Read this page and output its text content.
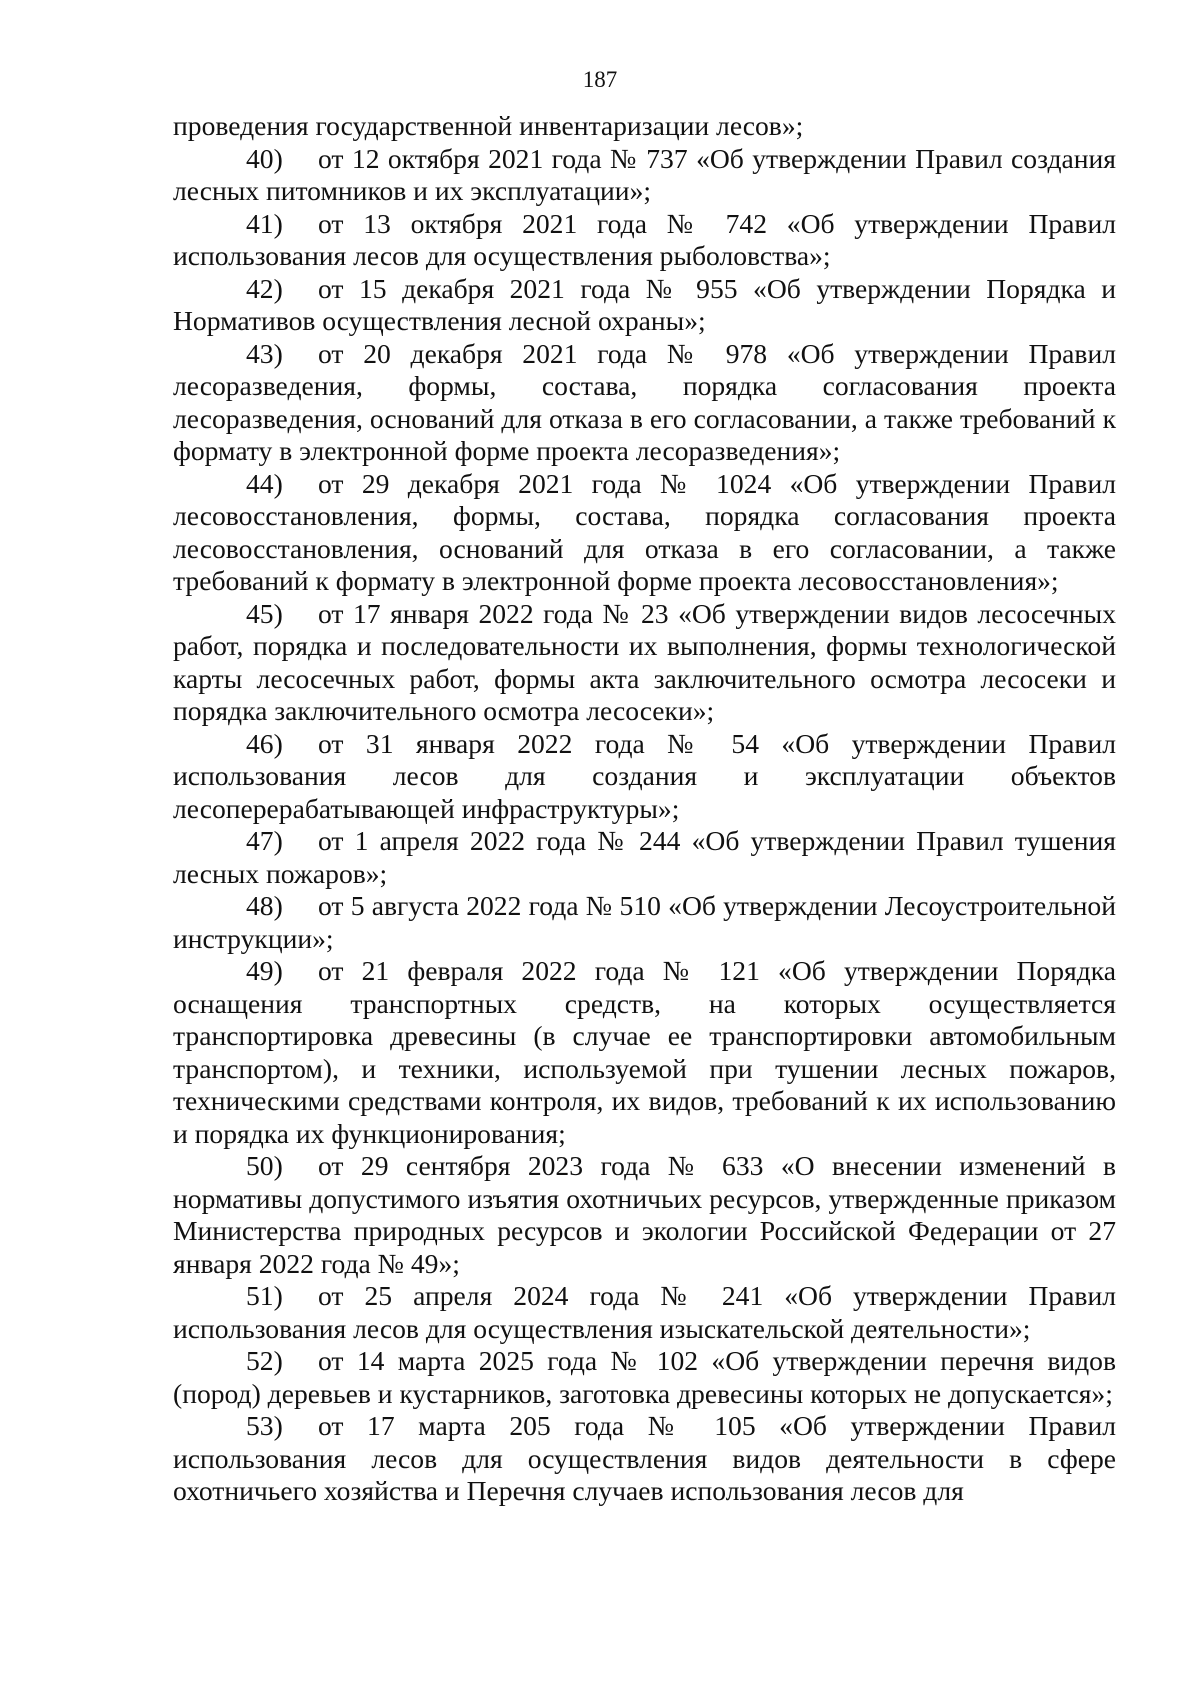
187

проведения государственной инвентаризации лесов»;

40) от 12 октября 2021 года № 737 «Об утверждении Правил создания лесных питомников и их эксплуатации»;

41) от 13 октября 2021 года № 742 «Об утверждении Правил использования лесов для осуществления рыболовства»;

42) от 15 декабря 2021 года № 955 «Об утверждении Порядка и Нормативов осуществления лесной охраны»;

43) от 20 декабря 2021 года № 978 «Об утверждении Правил лесоразведения, формы, состава, порядка согласования проекта лесоразведения, оснований для отказа в его согласовании, а также требований к формату в электронной форме проекта лесоразведения»;

44) от 29 декабря 2021 года № 1024 «Об утверждении Правил лесовосстановления, формы, состава, порядка согласования проекта лесовосстановления, оснований для отказа в его согласовании, а также требований к формату в электронной форме проекта лесовосстановления»;

45) от 17 января 2022 года № 23 «Об утверждении видов лесосечных работ, порядка и последовательности их выполнения, формы технологической карты лесосечных работ, формы акта заключительного осмотра лесосеки и порядка заключительного осмотра лесосеки»;

46) от 31 января 2022 года № 54 «Об утверждении Правил использования лесов для создания и эксплуатации объектов лесоперерабатывающей инфраструктуры»;

47) от 1 апреля 2022 года № 244 «Об утверждении Правил тушения лесных пожаров»;

48) от 5 августа 2022 года № 510 «Об утверждении Лесоустроительной инструкции»;

49) от 21 февраля 2022 года № 121 «Об утверждении Порядка оснащения транспортных средств, на которых осуществляется транспортировка древесины (в случае ее транспортировки автомобильным транспортом), и техники, используемой при тушении лесных пожаров, техническими средствами контроля, их видов, требований к их использованию и порядка их функционирования;

50) от 29 сентября 2023 года № 633 «О внесении изменений в нормативы допустимого изъятия охотничьих ресурсов, утвержденные приказом Министерства природных ресурсов и экологии Российской Федерации от 27 января 2022 года № 49»;

51) от 25 апреля 2024 года № 241 «Об утверждении Правил использования лесов для осуществления изыскательской деятельности»;

52) от 14 марта 2025 года № 102 «Об утверждении перечня видов (пород) деревьев и кустарников, заготовка древесины которых не допускается»;

53) от 17 марта 205 года № 105 «Об утверждении Правил использования лесов для осуществления видов деятельности в сфере охотничьего хозяйства и Перечня случаев использования лесов для
